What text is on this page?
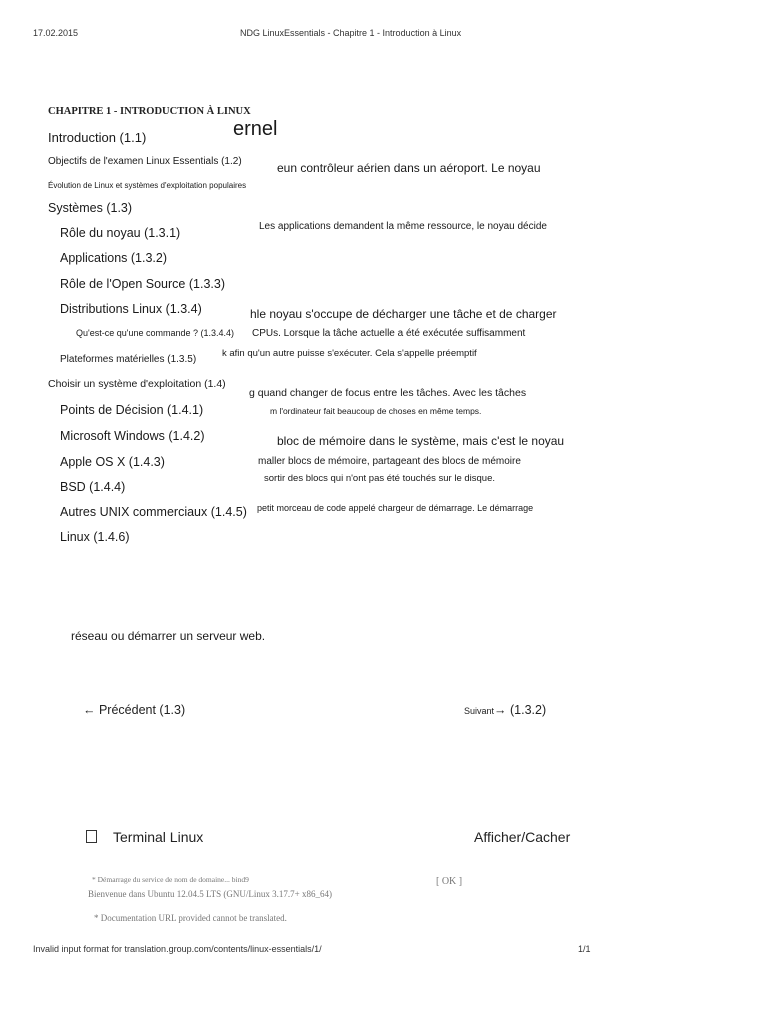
17.02.2015	NDG LinuxEssentials - Chapitre 1 - Introduction à Linux
CHAPITRE 1 - INTRODUCTION À LINUX
Introduction (1.1)
Objectifs de l'examen Linux Essentials (1.2)
Évolution de Linux et systèmes d'exploitation populaires
Systèmes (1.3)
Rôle du noyau (1.3.1)
Applications (1.3.2)
Rôle de l'Open Source (1.3.3)
Distributions Linux (1.3.4)
Qu'est-ce qu'une commande ? (1.3.4.4)
Plateformes matérielles (1.3.5)
Choisir un système d'exploitation (1.4)
Points de Décision (1.4.1)
Microsoft Windows (1.4.2)
Apple OS X (1.4.3)
BSD (1.4.4)
Autres UNIX commerciaux (1.4.5)
Linux (1.4.6)
ernel
eun contrôleur aérien dans un aéroport. Le noyau
Les applications demandent la même ressource, le noyau décide
hle noyau s'occupe de décharger une tâche et de charger
CPUs. Lorsque la tâche actuelle a été exécutée suffisamment
k afin qu'un autre puisse s'exécuter. Cela s'appelle préemptif
g quand changer de focus entre les tâches. Avec les tâches
m l'ordinateur fait beaucoup de choses en même temps.
bloc de mémoire dans le système, mais c'est le noyau
maller blocs de mémoire, partageant des blocs de mémoire
sortir des blocs qui n'ont pas été touchés sur le disque.
petit morceau de code appelé chargeur de démarrage. Le démarrage
réseau ou démarrer un serveur web.
← Précédent (1.3)	Suivant→ (1.3.2)
Terminal Linux	Afficher/Cacher
* Démarrage du service de nom de domaine... bind9	[ OK ]
Bienvenue dans Ubuntu 12.04.5 LTS (GNU/Linux 3.17.7+ x86_64)
* Documentation URL provided cannot be translated.
Invalid input format for translation.group.com/contents/linux-essentials/1/	1/1
